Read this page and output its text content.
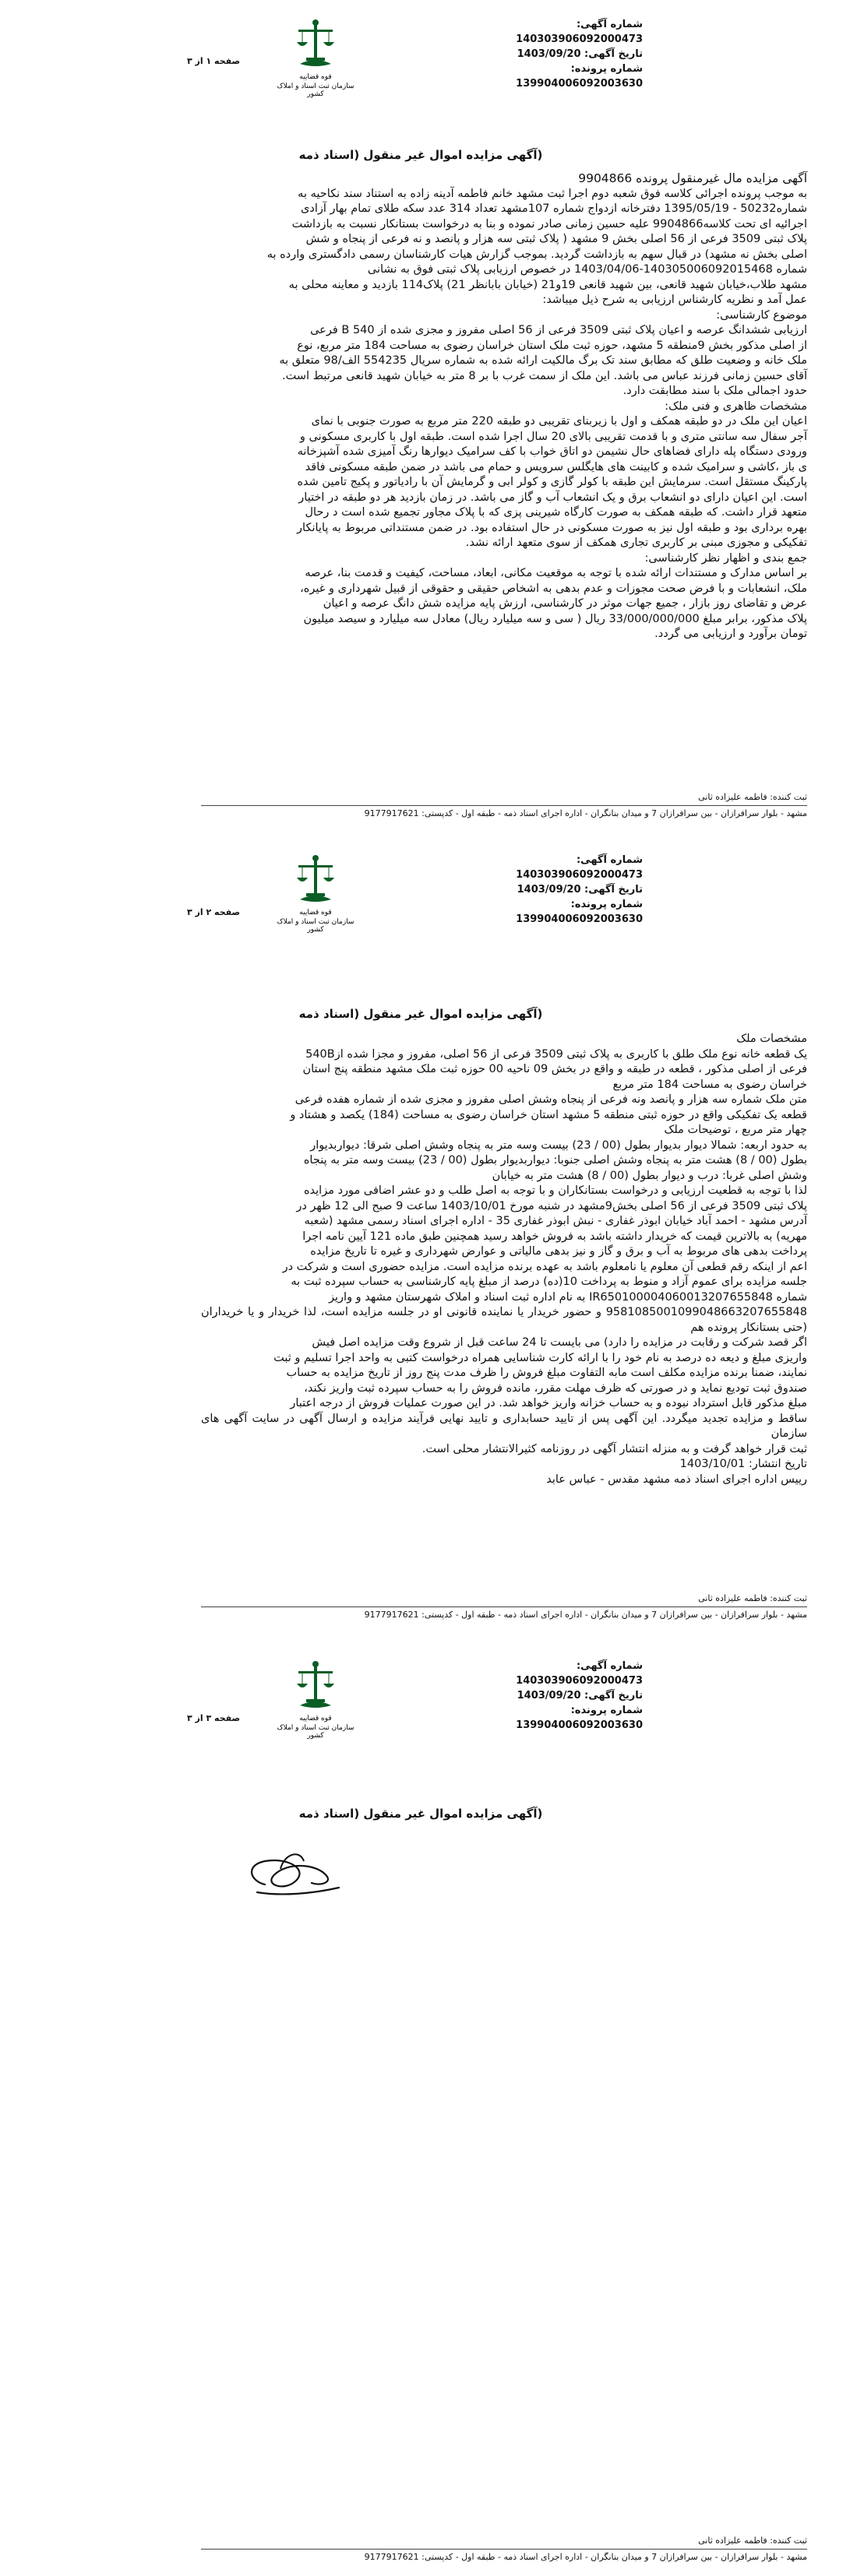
قوه قضاییه
سازمان ثبت اسناد و املاک کشور
شماره آگهی: 140303906092000473
تاریخ آگهی: 1403/09/20
شماره پرونده: 139904006092003630
صفحه ۱ از ۳
(آگهی مزایده اموال غیر منقول (اسناد ذمه

آگهی مزایده مال غیرمنقول پرونده 9904866

به موجب پرونده اجرائی کلاسه فوق شعبه دوم اجرا ثبت مشهد خانم فاطمه آدینه زاده به استناد سند نکاحیه به

شماره50232 - 1395/05/19 دفترخانه ازدواج شماره 107مشهد تعداد 314 عدد سکه طلای تمام بهار آزادی

اجرائیه ای تحت کلاسه9904866 علیه حسین زمانی صادر نموده و بنا به درخواست بستانکار نسبت به بازداشت

پلاک ثبتی 3509 فرعی از 56 اصلی بخش 9 مشهد ( پلاک ثبتی سه هزار و پانصد و نه فرعی از پنجاه و شش

اصلی بخش نه مشهد) در قبال سهم به بازداشت گردید. بموجب گزارش هیات کارشناسان رسمی دادگستری وارده به

شماره 140305006092015468-1403/04/06 در خصوص ارزیابی پلاک ثبتی فوق به نشانی

مشهد طلاب،خیابان شهید قانعی، بین شهید قانعی 19و21 (خیابان بابانظر 21) پلاک114 بازدید و معاینه محلی به

عمل آمد و نظریه کارشناس ارزیابی به شرح ذیل میباشد:

موضوع کارشناسی:

ارزیابی ششدانگ عرصه و اعیان پلاک ثبتی 3509 فرعی از 56 اصلی مفروز و مجزی شده از 540 B فرعی

از اصلی مذکور بخش 9منطقه 5 مشهد، حوزه ثبت ملک استان خراسان رضوی به مساحت 184 متر مربع، نوع

ملک خانه و وضعیت طلق که مطابق سند تک برگ مالکیت ارائه شده به شماره سریال 554235 الف/98 متعلق به

آقای حسین زمانی فرزند عباس می باشد. این ملک از سمت غرب با بر 8 متر به خیابان شهید قانعی مرتبط است.

حدود اجمالی ملک با سند مطابقت دارد.

مشخصات ظاهری و فنی ملک:

اعیان این ملک در دو طبقه همکف و اول با زیربنای تقریبی دو طبقه 220 متر مربع به صورت جنوبی با نمای

آجر سفال سه سانتی متری و با قدمت تقریبی بالای 20 سال اجرا شده است. طبقه اول با کاربری مسکونی و

ورودی دستگاه پله دارای فضاهای حال نشیمن دو اتاق خواب با کف سرامیک دیوارها رنگ آمیزی شده آشپزخانه

ی باز ،کاشی و سرامیک شده و کابینت های هایگلس سرویس و حمام می باشد در ضمن طبقه مسکونی فاقد

پارکینگ مستقل است. سرمایش این طبقه با کولر گازی و کولر ابی و گرمایش آن با رادیاتور و پکیج تامین شده

است. این اعیان دارای دو انشعاب برق و یک انشعاب آب و گاز می باشد. در زمان بازدید هر دو طبقه در اختیار

متعهد قرار داشت. که طبقه همکف به صورت کارگاه شیرینی پزی که با پلاک مجاور تجمیع شده است د رحال

بهره برداری بود و طبقه اول نیز به صورت مسکونی در حال استفاده بود. در ضمن مستنداتی مربوط به پایانکار

تفکیکی و مجوزی مبنی بر کاربری تجاری همکف از سوی متعهد ارائه نشد.

جمع بندی و اظهار نظر کارشناسی:

بر اساس مدارک و مستندات ارائه شده با توجه به موقعیت مکانی، ابعاد، مساحت، کیفیت و قدمت بنا، عرصه

ملک، انشعابات و با فرض صحت مجوزات و عدم بدهی به اشخاص حقیقی و حقوقی از قبیل شهرداری و غیره،

عرض و تقاضای روز بازار ، جمیع جهات موثر در کارشناسی، ارزش پایه مزایده شش دانگ عرصه و اعیان

پلاک مذکور، برابر مبلغ 33/000/000/000 ریال ( سی و سه میلیارد ریال) معادل سه میلیارد و سیصد میلیون

تومان برآورد و ارزیابی می گردد.

ثبت کننده: فاطمه علیزاده ثانی
مشهد - بلوار سرافرازان - بین سرافرازان 7 و میدان بنانگران - اداره اجرای اسناد ذمه - طبقه اول - کدپستی: 9177917621
قوه قضاییه
سازمان ثبت اسناد و املاک کشور
شماره آگهی: 140303906092000473
تاریخ آگهی: 1403/09/20
شماره پرونده: 139904006092003630
صفحه ۲ از ۳
(آگهی مزایده اموال غیر منقول (اسناد ذمه

مشخصات ملک

یک قطعه خانه نوع ملک طلق با کاربری به پلاک ثبتی 3509 فرعی از 56 اصلی، مفروز و مجزا شده از540B

فرعی از اصلی مذکور ، قطعه در طبقه و واقع در بخش 09 ناحیه 00 حوزه ثبت ملک مشهد منطقه پنج استان

خراسان رضوی به مساحت 184 متر مربع

متن ملک شماره سه هزار و پانصد ونه فرعی از پنجاه وشش اصلی مفروز و مجزی شده از شماره هفده فرعی

قطعه یک تفکیکی واقع در حوزه ثبتی منطقه 5 مشهد استان خراسان رضوی به مساحت (184) یکصد و هشتاد و

چهار متر مربع ، توضیحات ملک

به حدود اربعه: شمالا دیوار بدیوار بطول (00 / 23) بیست وسه متر به پنجاه وشش اصلی شرقا: دیواربدیوار

بطول (00 / 8) هشت متر به پنجاه وشش اصلی جنوبا: دیواربدیوار بطول (00 / 23) بیست وسه متر به پنجاه

وشش اصلی غربا: درب و دیوار بطول (00 / 8) هشت متر به خیابان

لذا با توجه به قطعیت ارزیابی و درخواست بستانکاران و با توجه به اصل طلب و دو عشر اضافی مورد مزایده

پلاک ثبتی 3509 فرعی از 56 اصلی بخش9مشهد در شنبه مورخ 1403/10/01 ساعت 9 صبح الی 12 ظهر در

آدرس مشهد - احمد آباد خیابان ابوذر غفاری - نبش ابوذر غفاری 35 - اداره اجرای اسناد رسمی مشهد (شعبه

مهریه) به بالاترین قیمت که خریدار داشته باشد به فروش خواهد رسید همچنین طبق ماده 121 آیین نامه اجرا

پرداخت بدهی های مربوط به آب و برق و گاز و نیز بدهی مالیاتی و عوارض شهرداری و غیره تا تاریخ مزایده

اعم از اینکه رقم قطعی آن معلوم یا نامعلوم باشد به عهده برنده مزایده است. مزایده حضوری است و شرکت در

جلسه مزایده برای عموم آزاد و منوط به پرداخت 10(ده) درصد از مبلغ پایه کارشناسی به حساب سپرده ثبت به

شماره IR650100004060013207655848 به نام اداره ثبت اسناد و املاک شهرستان مشهد و واریز

9581085001099048663207655848 و حضور خریدار یا نماینده قانونی او در جلسه مزایده است، لذا خریدار و یا خریداران (حتی بستانکار پرونده هم

اگر قصد شرکت و رقابت در مزایده را دارد) می بایست تا 24 ساعت قبل از شروع وقت مزایده اصل فیش

واریزی مبلغ و دیعه ده درصد به نام خود را با ارائه کارت شناسایی همراه درخواست کتبی به واحد اجرا تسلیم و ثبت

نمایند، ضمنا برنده مزایده مکلف است مابه التفاوت مبلغ فروش را ظرف مدت پنج روز از تاریخ مزایده به حساب

صندوق ثبت تودیع نماید و در صورتی که ظرف مهلت مقرر، مانده فروش را به حساب سپرده ثبت واریز نکند،

مبلغ مذکور قابل استرداد نبوده و به حساب خزانه واریز خواهد شد. در این صورت عملیات فروش از درجه اعتبار

ساقط و مزایده تجدید میگردد. این آگهی پس از تایید حسابداری و تایید نهایی فرآیند مزایده و ارسال آگهی در سایت آگهی های سازمان

ثبت قرار خواهد گرفت و به منزله انتشار آگهی در روزنامه کثیرالانتشار محلی است.

تاریخ انتشار: 1403/10/01

رییس اداره اجرای اسناد ذمه مشهد مقدس - عباس عابد

ثبت کننده: فاطمه علیزاده ثانی
مشهد - بلوار سرافرازان - بین سرافرازان 7 و میدان بنانگران - اداره اجرای اسناد ذمه - طبقه اول - کدپستی: 9177917621
قوه قضاییه
سازمان ثبت اسناد و املاک کشور
شماره آگهی: 140303906092000473
تاریخ آگهی: 1403/09/20
شماره پرونده: 139904006092003630
صفحه ۳ از ۳
(آگهی مزایده اموال غیر منقول (اسناد ذمه
ثبت کننده: فاطمه علیزاده ثانی
مشهد - بلوار سرافرازان - بین سرافرازان 7 و میدان بنانگران - اداره اجرای اسناد ذمه - طبقه اول - کدپستی: 9177917621
